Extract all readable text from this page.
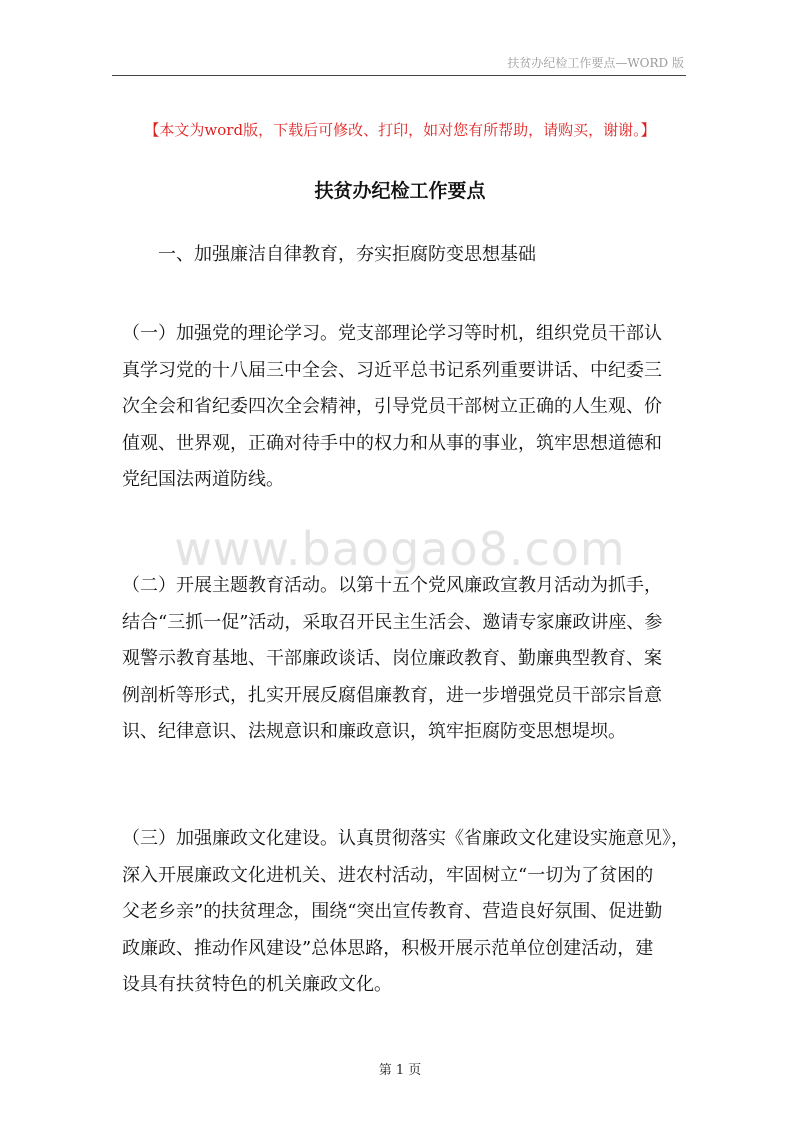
扶贫办纪检工作要点—WORD 版
【本文为word版，下载后可修改、打印，如对您有所帮助，请购买，谢谢。】
扶贫办纪检工作要点
一、加强廉洁自律教育，夯实拒腐防变思想基础
（一）加强党的理论学习。党支部理论学习等时机，组织党员干部认
真学习党的十八届三中全会、习近平总书记系列重要讲话、中纪委三
次全会和省纪委四次全会精神，引导党员干部树立正确的人生观、价
值观、世界观，正确对待手中的权力和从事的事业，筑牢思想道德和
党纪国法两道防线。
www.baogao8.com
（二）开展主题教育活动。以第十五个党风廉政宣教月活动为抓手，
结合“三抓一促”活动，采取召开民主生活会、邀请专家廉政讲座、参
观警示教育基地、干部廉政谈话、岗位廉政教育、勤廉典型教育、案
例剖析等形式，扎实开展反腐倡廉教育，进一步增强党员干部宗旨意
识、纪律意识、法规意识和廉政意识，筑牢拒腐防变思想堤坝。
（三）加强廉政文化建设。认真贯彻落实《省廉政文化建设实施意见》，
深入开展廉政文化进机关、进农村活动，牢固树立“一切为了贫困的
父老乡亲”的扶贫理念，围绕“突出宣传教育、营造良好氛围、促进勤
政廉政、推动作风建设”总体思路，积极开展示范单位创建活动，建
设具有扶贫特色的机关廉政文化。
第 1 页
